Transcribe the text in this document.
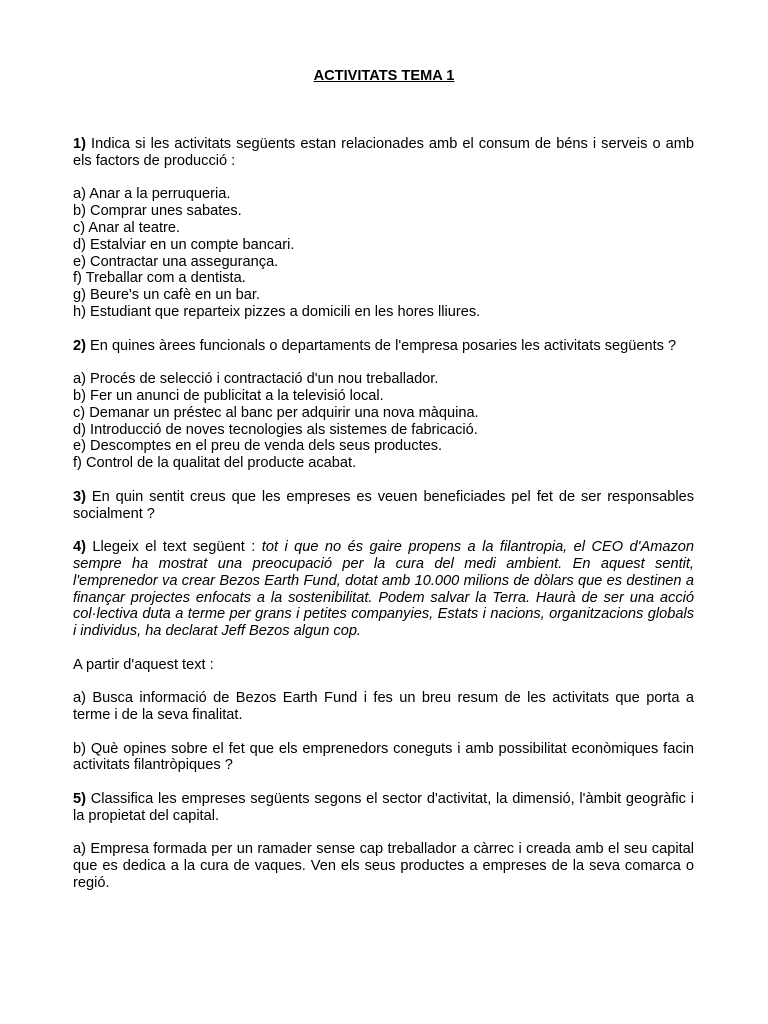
ACTIVITATS TEMA 1

1) Indica si les activitats següents estan relacionades amb el consum de béns i serveis o amb els factors de producció :

a) Anar a la perruqueria.
b) Comprar unes sabates.
c) Anar al teatre.
d) Estalviar en un compte bancari.
e) Contractar una assegurança.
f) Treballar com a dentista.
g) Beure's un cafè en un bar.
h) Estudiant que reparteix pizzes a domicili en les hores lliures.

2) En quines àrees funcionals o departaments de l'empresa posaries les activitats següents ?

a) Procés de selecció i contractació d'un nou treballador.
b) Fer un anunci de publicitat a la televisió local.
c) Demanar un préstec al banc per adquirir una nova màquina.
d) Introducció de noves tecnologies als sistemes de fabricació.
e) Descomptes en el preu de venda dels seus productes.
f) Control de la qualitat del producte acabat.

3) En quin sentit creus que les empreses es veuen beneficiades pel fet de ser responsables socialment ?

4) Llegeix el text següent : tot i que no és gaire propens a la filantropia, el CEO d'Amazon sempre ha mostrat una preocupació per la cura del medi ambient. En aquest sentit, l'emprenedor va crear Bezos Earth Fund, dotat amb 10.000 milions de dòlars que es destinen a finançar projectes enfocats a la sostenibilitat. Podem salvar la Terra. Haurà de ser una acció col·lectiva duta a terme per grans i petites companyies, Estats i nacions, organitzacions globals i individus, ha declarat Jeff Bezos algun cop.

A partir d'aquest text :

a) Busca informació de Bezos Earth Fund i fes un breu resum de les activitats que porta a terme i de la seva finalitat.

b) Què opines sobre el fet que els emprenedors coneguts i amb possibilitat econòmiques facin activitats filantròpiques ?

5) Classifica les empreses següents segons el sector d'activitat, la dimensió, l'àmbit geogràfic i la propietat del capital.

a) Empresa formada per un ramader sense cap treballador a càrrec i creada amb el seu capital que es dedica a la cura de vaques. Ven els seus productes a empreses de la seva comarca o regió.
